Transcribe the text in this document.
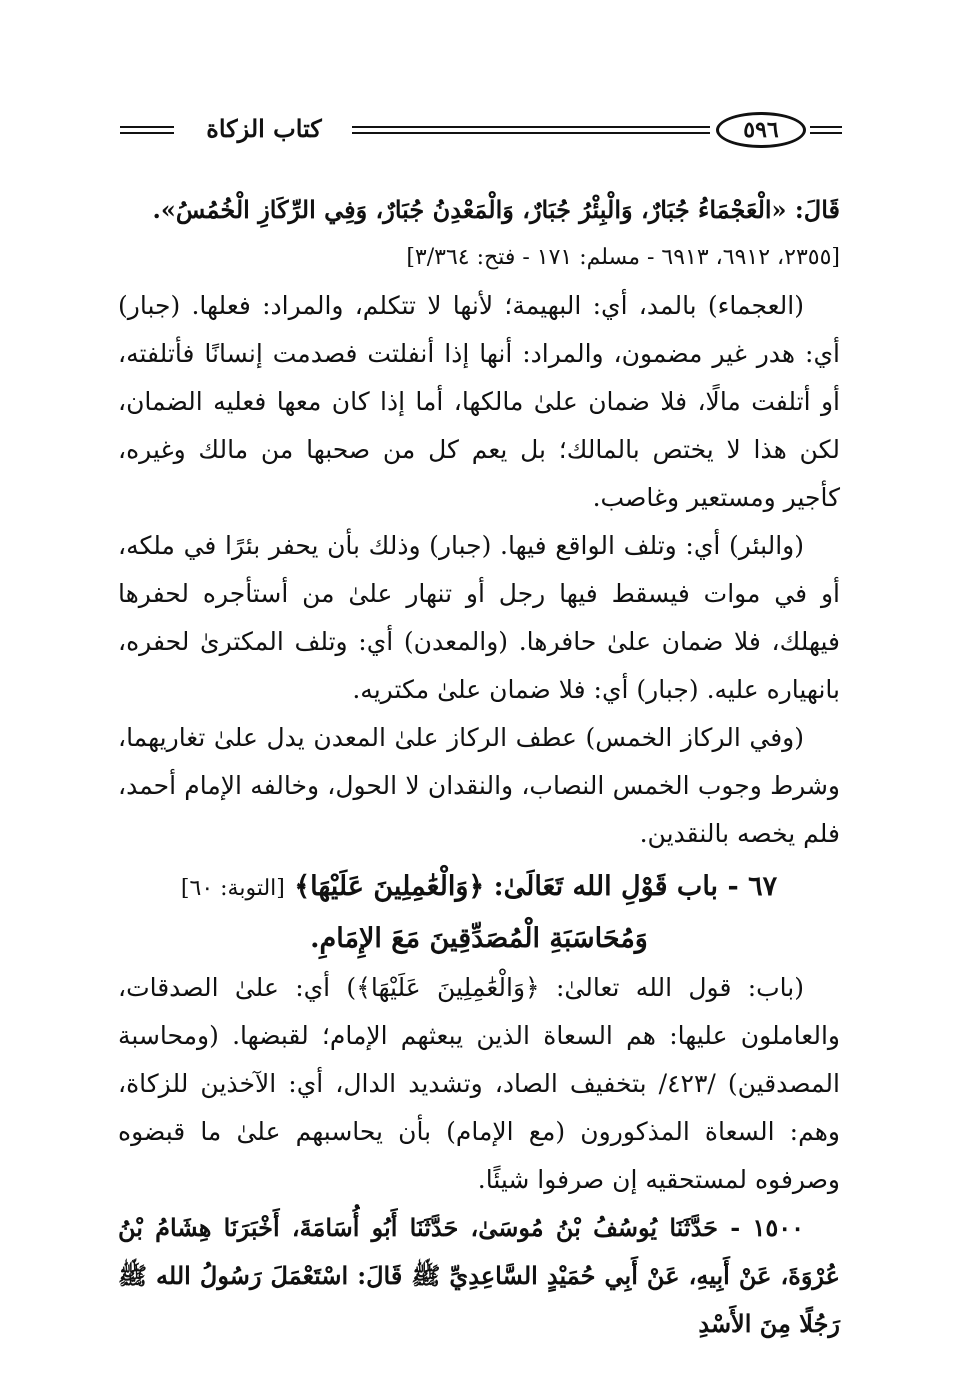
كتاب الزكاة	٥٩٦

قَالَ: «الْعَجْمَاءُ جُبَارٌ، وَالْبِئْرُ جُبَارٌ، وَالْمَعْدِنُ جُبَارٌ، وَفِي الرِّكَازِ الْخُمُسُ».

[٢٣٥٥، ٦٩١٢، ٦٩١٣ - مسلم: ١٧١ - فتح: ٣/٣٦٤]

(العجماء) بالمد، أي: البهيمة؛ لأنها لا تتكلم، والمراد: فعلها. (جبار) أي: هدر غير مضمون، والمراد: أنها إذا أنفلتت فصدمت إنسانًا فأتلفته، أو أتلفت مالًا، فلا ضمان علىٰ مالكها، أما إذا كان معها فعليه الضمان، لكن هذا لا يختص بالمالك؛ بل يعم كل من صحبها من مالك وغيره، كأجير ومستعير وغاصب.

(والبئر) أي: وتلف الواقع فيها. (جبار) وذلك بأن يحفر بئرًا في ملكه، أو في موات فيسقط فيها رجل أو تنهار علىٰ من أستأجره لحفرها فيهلك، فلا ضمان علىٰ حافرها. (والمعدن) أي: وتلف المكترىٰ لحفره، بانهياره عليه. (جبار) أي: فلا ضمان علىٰ مكتريه.

(وفي الركاز الخمس) عطف الركاز علىٰ المعدن يدل علىٰ تغاريهما، وشرط وجوب الخمس النصاب، والنقدان لا الحول، وخالفه الإمام أحمد، فلم يخصه بالنقدين.

٦٧ - باب قَوْلِ الله تَعَالَىٰ: ﴿وَالْعَٰمِلِينَ عَلَيْهَا﴾ [التوبة: ٦٠]
وَمُحَاسَبَةِ الْمُصَدِّقِينَ مَعَ الإِمَامِ.

(باب: قول الله تعالىٰ: ﴿وَالْعَٰمِلِينَ عَلَيْهَا﴾) أي: علىٰ الصدقات، والعاملون عليها: هم السعاة الذين يبعثهم الإمام؛ لقبضها. (ومحاسبة المصدقين) /٤٢٣/ بتخفيف الصاد، وتشديد الدال، أي: الآخذين للزكاة، وهم: السعاة المذكورون (مع الإمام) بأن يحاسبهم علىٰ ما قبضوه وصرفوه لمستحقيه إن صرفوا شيئًا.

١٥٠٠ - حَدَّثَنَا يُوسُفُ بْنُ مُوسَىٰ، حَدَّثَنَا أَبُو أُسَامَةَ، أَخْبَرَنَا هِشَامُ بْنُ عُرْوَةَ، عَنْ أَبِيهِ، عَنْ أَبِي حُمَيْدٍ السَّاعِدِيِّ ﷺ قَالَ: اسْتَعْمَلَ رَسُولُ الله ﷺ رَجُلًا مِنَ الأَسْدِ
